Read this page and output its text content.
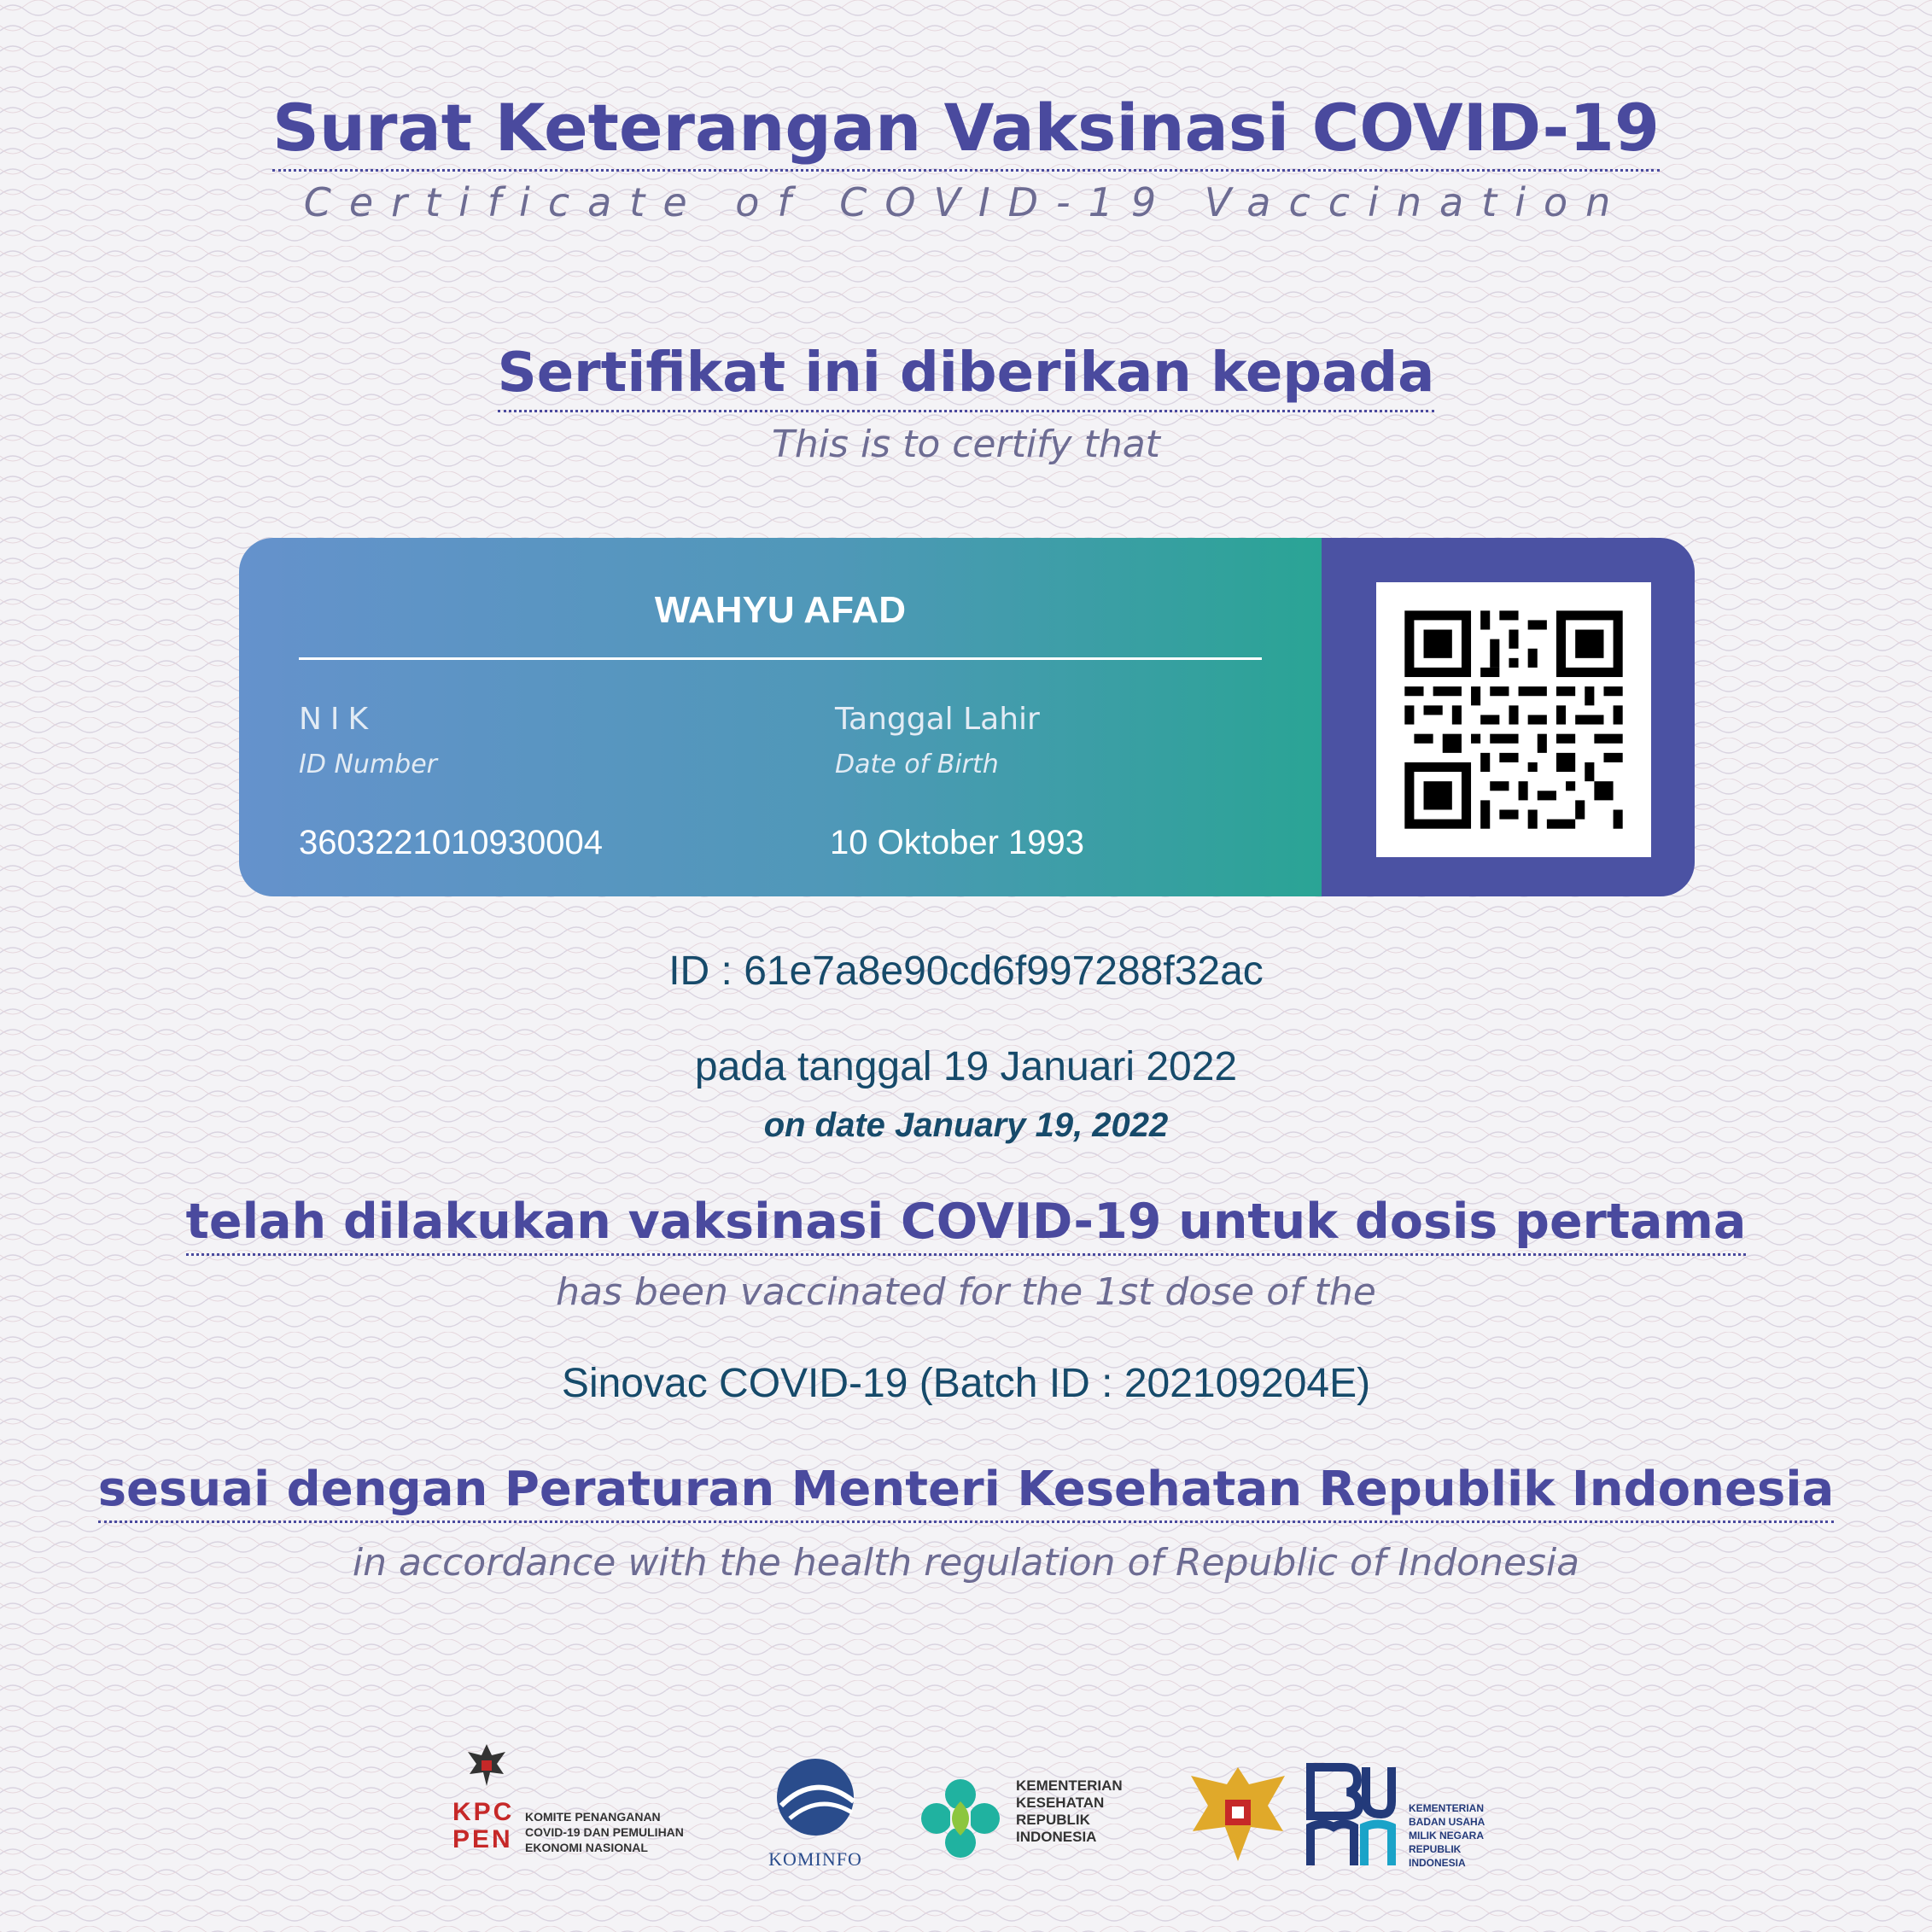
Surat Keterangan Vaksinasi COVID-19
Certificate of COVID-19 Vaccination
Sertifikat ini diberikan kepada
This is to certify that
WAHYU AFAD
NIK
ID Number
3603221010930004
Tanggal Lahir
Date of Birth
10 Oktober 1993
ID : 61e7a8e90cd6f997288f32ac
pada tanggal 19 Januari 2022
on date January 19, 2022
telah dilakukan vaksinasi COVID-19 untuk dosis pertama
has been vaccinated for the 1st dose of the
Sinovac COVID-19 (Batch ID : 202109204E)
sesuai dengan Peraturan Menteri Kesehatan Republik Indonesia
in accordance with the health regulation of Republic of Indonesia
KPC
PEN
KOMITE PENANGANAN
COVID-19 DAN PEMULIHAN
EKONOMI NASIONAL
KOMINFO
KEMENTERIAN
KESEHATAN
REPUBLIK
INDONESIA
KEMENTERIAN
BADAN USAHA
MILIK NEGARA
REPUBLIK
INDONESIA
